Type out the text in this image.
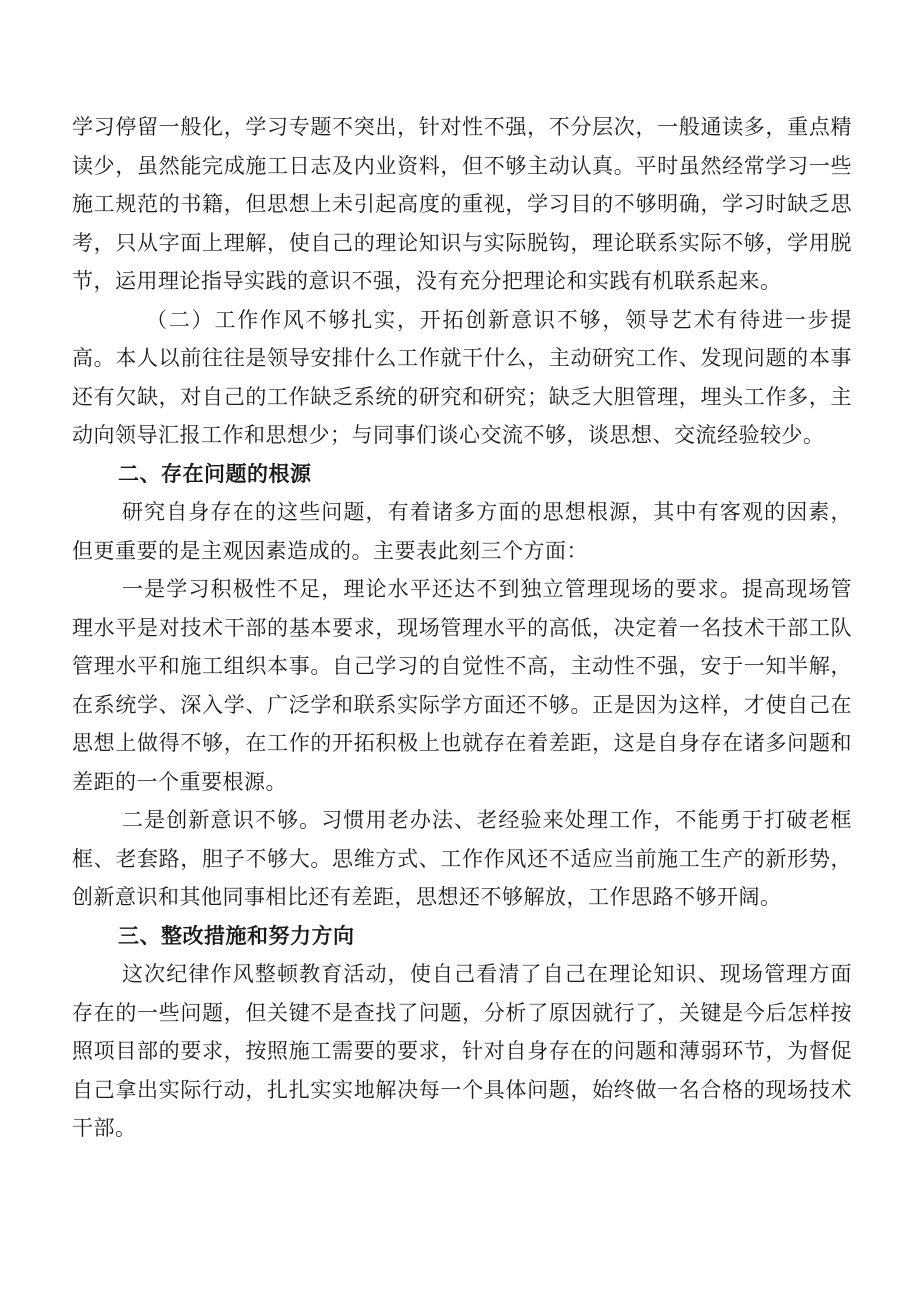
学习停留一般化，学习专题不突出，针对性不强，不分层次，一般通读多，重点精读少，虽然能完成施工日志及内业资料，但不够主动认真。平时虽然经常学习一些施工规范的书籍，但思想上未引起高度的重视，学习目的不够明确，学习时缺乏思考，只从字面上理解，使自己的理论知识与实际脱钩，理论联系实际不够，学用脱节，运用理论指导实践的意识不强，没有充分把理论和实践有机联系起来。

（二）工作作风不够扎实，开拓创新意识不够，领导艺术有待进一步提高。本人以前往往是领导安排什么工作就干什么，主动研究工作、发现问题的本事还有欠缺，对自己的工作缺乏系统的研究和研究；缺乏大胆管理，埋头工作多，主动向领导汇报工作和思想少；与同事们谈心交流不够，谈思想、交流经验较少。

二、存在问题的根源

研究自身存在的这些问题，有着诸多方面的思想根源，其中有客观的因素，但更重要的是主观因素造成的。主要表此刻三个方面：

一是学习积极性不足，理论水平还达不到独立管理现场的要求。提高现场管理水平是对技术干部的基本要求，现场管理水平的高低，决定着一名技术干部工队管理水平和施工组织本事。自己学习的自觉性不高，主动性不强，安于一知半解，在系统学、深入学、广泛学和联系实际学方面还不够。正是因为这样，才使自己在思想上做得不够，在工作的开拓积极上也就存在着差距，这是自身存在诸多问题和差距的一个重要根源。

二是创新意识不够。习惯用老办法、老经验来处理工作，不能勇于打破老框框、老套路，胆子不够大。思维方式、工作作风还不适应当前施工生产的新形势，创新意识和其他同事相比还有差距，思想还不够解放，工作思路不够开阔。

三、整改措施和努力方向

这次纪律作风整顿教育活动，使自己看清了自己在理论知识、现场管理方面存在的一些问题，但关键不是查找了问题，分析了原因就行了，关键是今后怎样按照项目部的要求，按照施工需要的要求，针对自身存在的问题和薄弱环节，为督促自己拿出实际行动，扎扎实实地解决每一个具体问题，始终做一名合格的现场技术干部。
